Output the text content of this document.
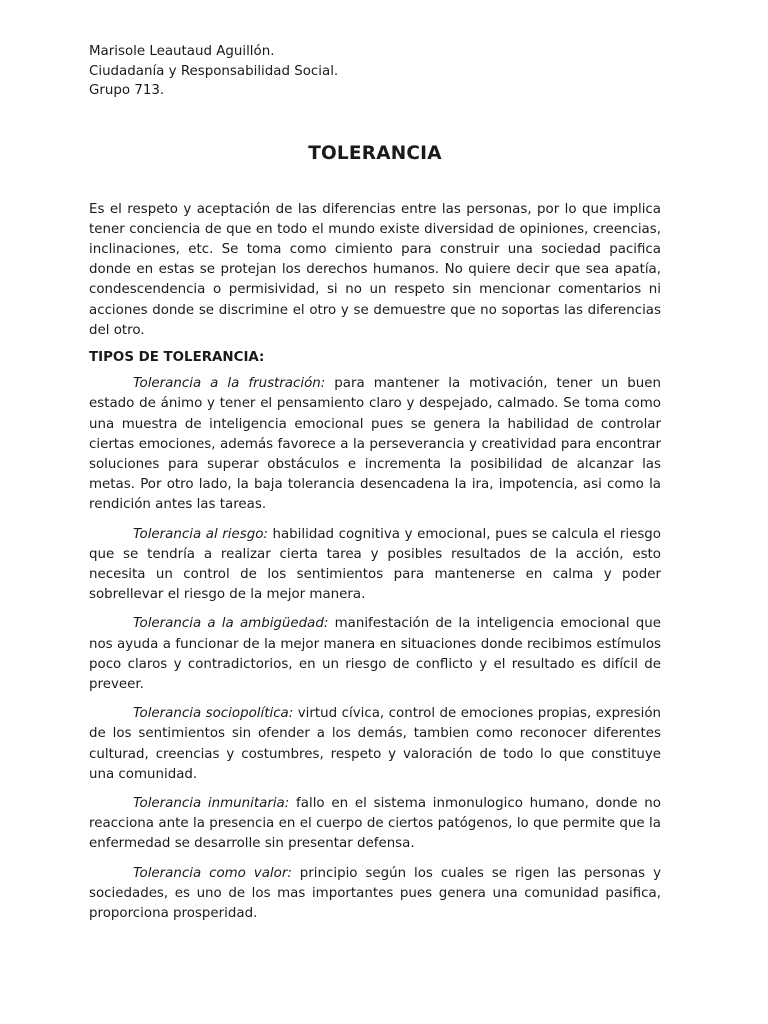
Marisole Leautaud Aguillón.

Ciudadanía y Responsabilidad Social.

Grupo 713.

TOLERANCIA

Es el respeto y aceptación de las diferencias entre las personas, por lo que implica tener conciencia de que en todo el mundo existe diversidad de opiniones, creencias, inclinaciones, etc. Se toma como cimiento para construir una sociedad pacifica donde en estas se protejan los derechos humanos. No quiere decir que sea apatía, condescendencia o permisividad, si no un respeto sin mencionar comentarios ni acciones donde se discrimine el otro y se demuestre que no soportas las diferencias del otro.

TIPOS DE TOLERANCIA:

Tolerancia a la frustración: para mantener la motivación, tener un buen estado de ánimo y tener el pensamiento claro y despejado, calmado. Se toma como una muestra de inteligencia emocional pues se genera la habilidad de controlar ciertas emociones, además favorece a la perseverancia y creatividad para encontrar soluciones para superar obstáculos e incrementa la posibilidad de alcanzar las metas. Por otro lado, la baja tolerancia desencadena la ira, impotencia, asi como la rendición antes las tareas.

Tolerancia al riesgo: habilidad cognitiva y emocional, pues se calcula el riesgo que se tendría a realizar cierta tarea y posibles resultados de la acción, esto necesita un control de los sentimientos para mantenerse en calma y poder sobrellevar el riesgo de la mejor manera.

Tolerancia a la ambigüedad: manifestación de la inteligencia emocional que nos ayuda a funcionar de la mejor manera en situaciones donde recibimos estímulos poco claros y contradictorios, en un riesgo de conflicto y el resultado es difícil de preveer.

Tolerancia sociopolítica: virtud cívica, control de emociones propias, expresión de los sentimientos sin ofender a los demás, tambien como reconocer diferentes culturad, creencias y costumbres, respeto y valoración de todo lo que constituye una comunidad.

Tolerancia inmunitaria: fallo en el sistema inmonulogico humano, donde no reacciona ante la presencia en el cuerpo de ciertos patógenos, lo que permite que la enfermedad se desarrolle sin presentar defensa.

Tolerancia como valor: principio según los cuales se rigen las personas y sociedades, es uno de los mas importantes pues genera una comunidad pasifica, proporciona prosperidad.
